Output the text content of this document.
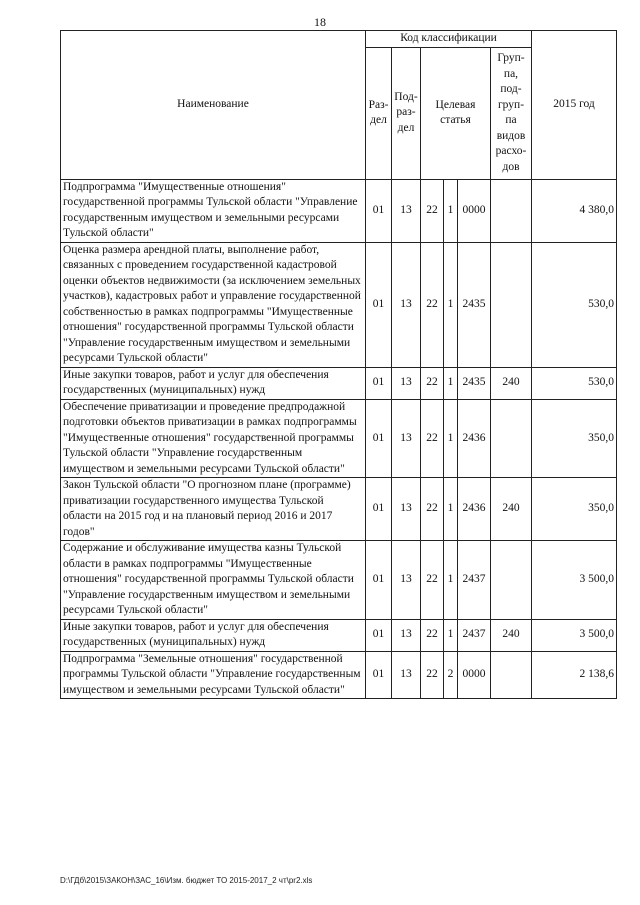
18
Наименование	Код классификации						2015 год
	Раз-дел	Под-раз-дел	Целевая статья			Груп-па, под-груп-па видов расхо-дов	
Подпрограмма "Имущественные отношения" государственной программы Тульской области "Управление государственным имуществом и земельными ресурсами Тульской области"	01	13	22	1	0000		4 380,0
Оценка размера арендной платы, выполнение работ, связанных с проведением государственной кадастровой оценки объектов недвижимости (за исключением земельных участков), кадастровых работ и управление государственной собственностью в рамках подпрограммы "Имущественные отношения" государственной программы Тульской области "Управление государственным имуществом и земельными ресурсами Тульской области"	01	13	22	1	2435		530,0
Иные закупки товаров, работ и услуг для обеспечения государственных (муниципальных) нужд	01	13	22	1	2435	240	530,0
Обеспечение приватизации и проведение предпродажной подготовки объектов приватизации в рамках подпрограммы "Имущественные отношения" государственной программы Тульской области "Управление государственным имуществом и земельными ресурсами Тульской области"	01	13	22	1	2436		350,0
Закон Тульской области "О прогнозном плане (программе) приватизации государственного имущества Тульской области на 2015 год и на плановый период 2016 и 2017 годов"	01	13	22	1	2436	240	350,0
Содержание и обслуживание имущества казны Тульской области в рамках подпрограммы "Имущественные отношения" государственной программы Тульской области "Управление государственным имуществом и земельными ресурсами Тульской области"	01	13	22	1	2437		3 500,0
Иные закупки товаров, работ и услуг для обеспечения государственных (муниципальных) нужд	01	13	22	1	2437	240	3 500,0
Подпрограмма "Земельные отношения" государственной программы Тульской области "Управление государственным имуществом и земельными ресурсами Тульской области"	01	13	22	2	0000		2 138,6
D:\ГДб\2015\ЗАКОН\ЗАС_16\Изм. бюджет ТО 2015-2017_2 чт\pr2.xls
